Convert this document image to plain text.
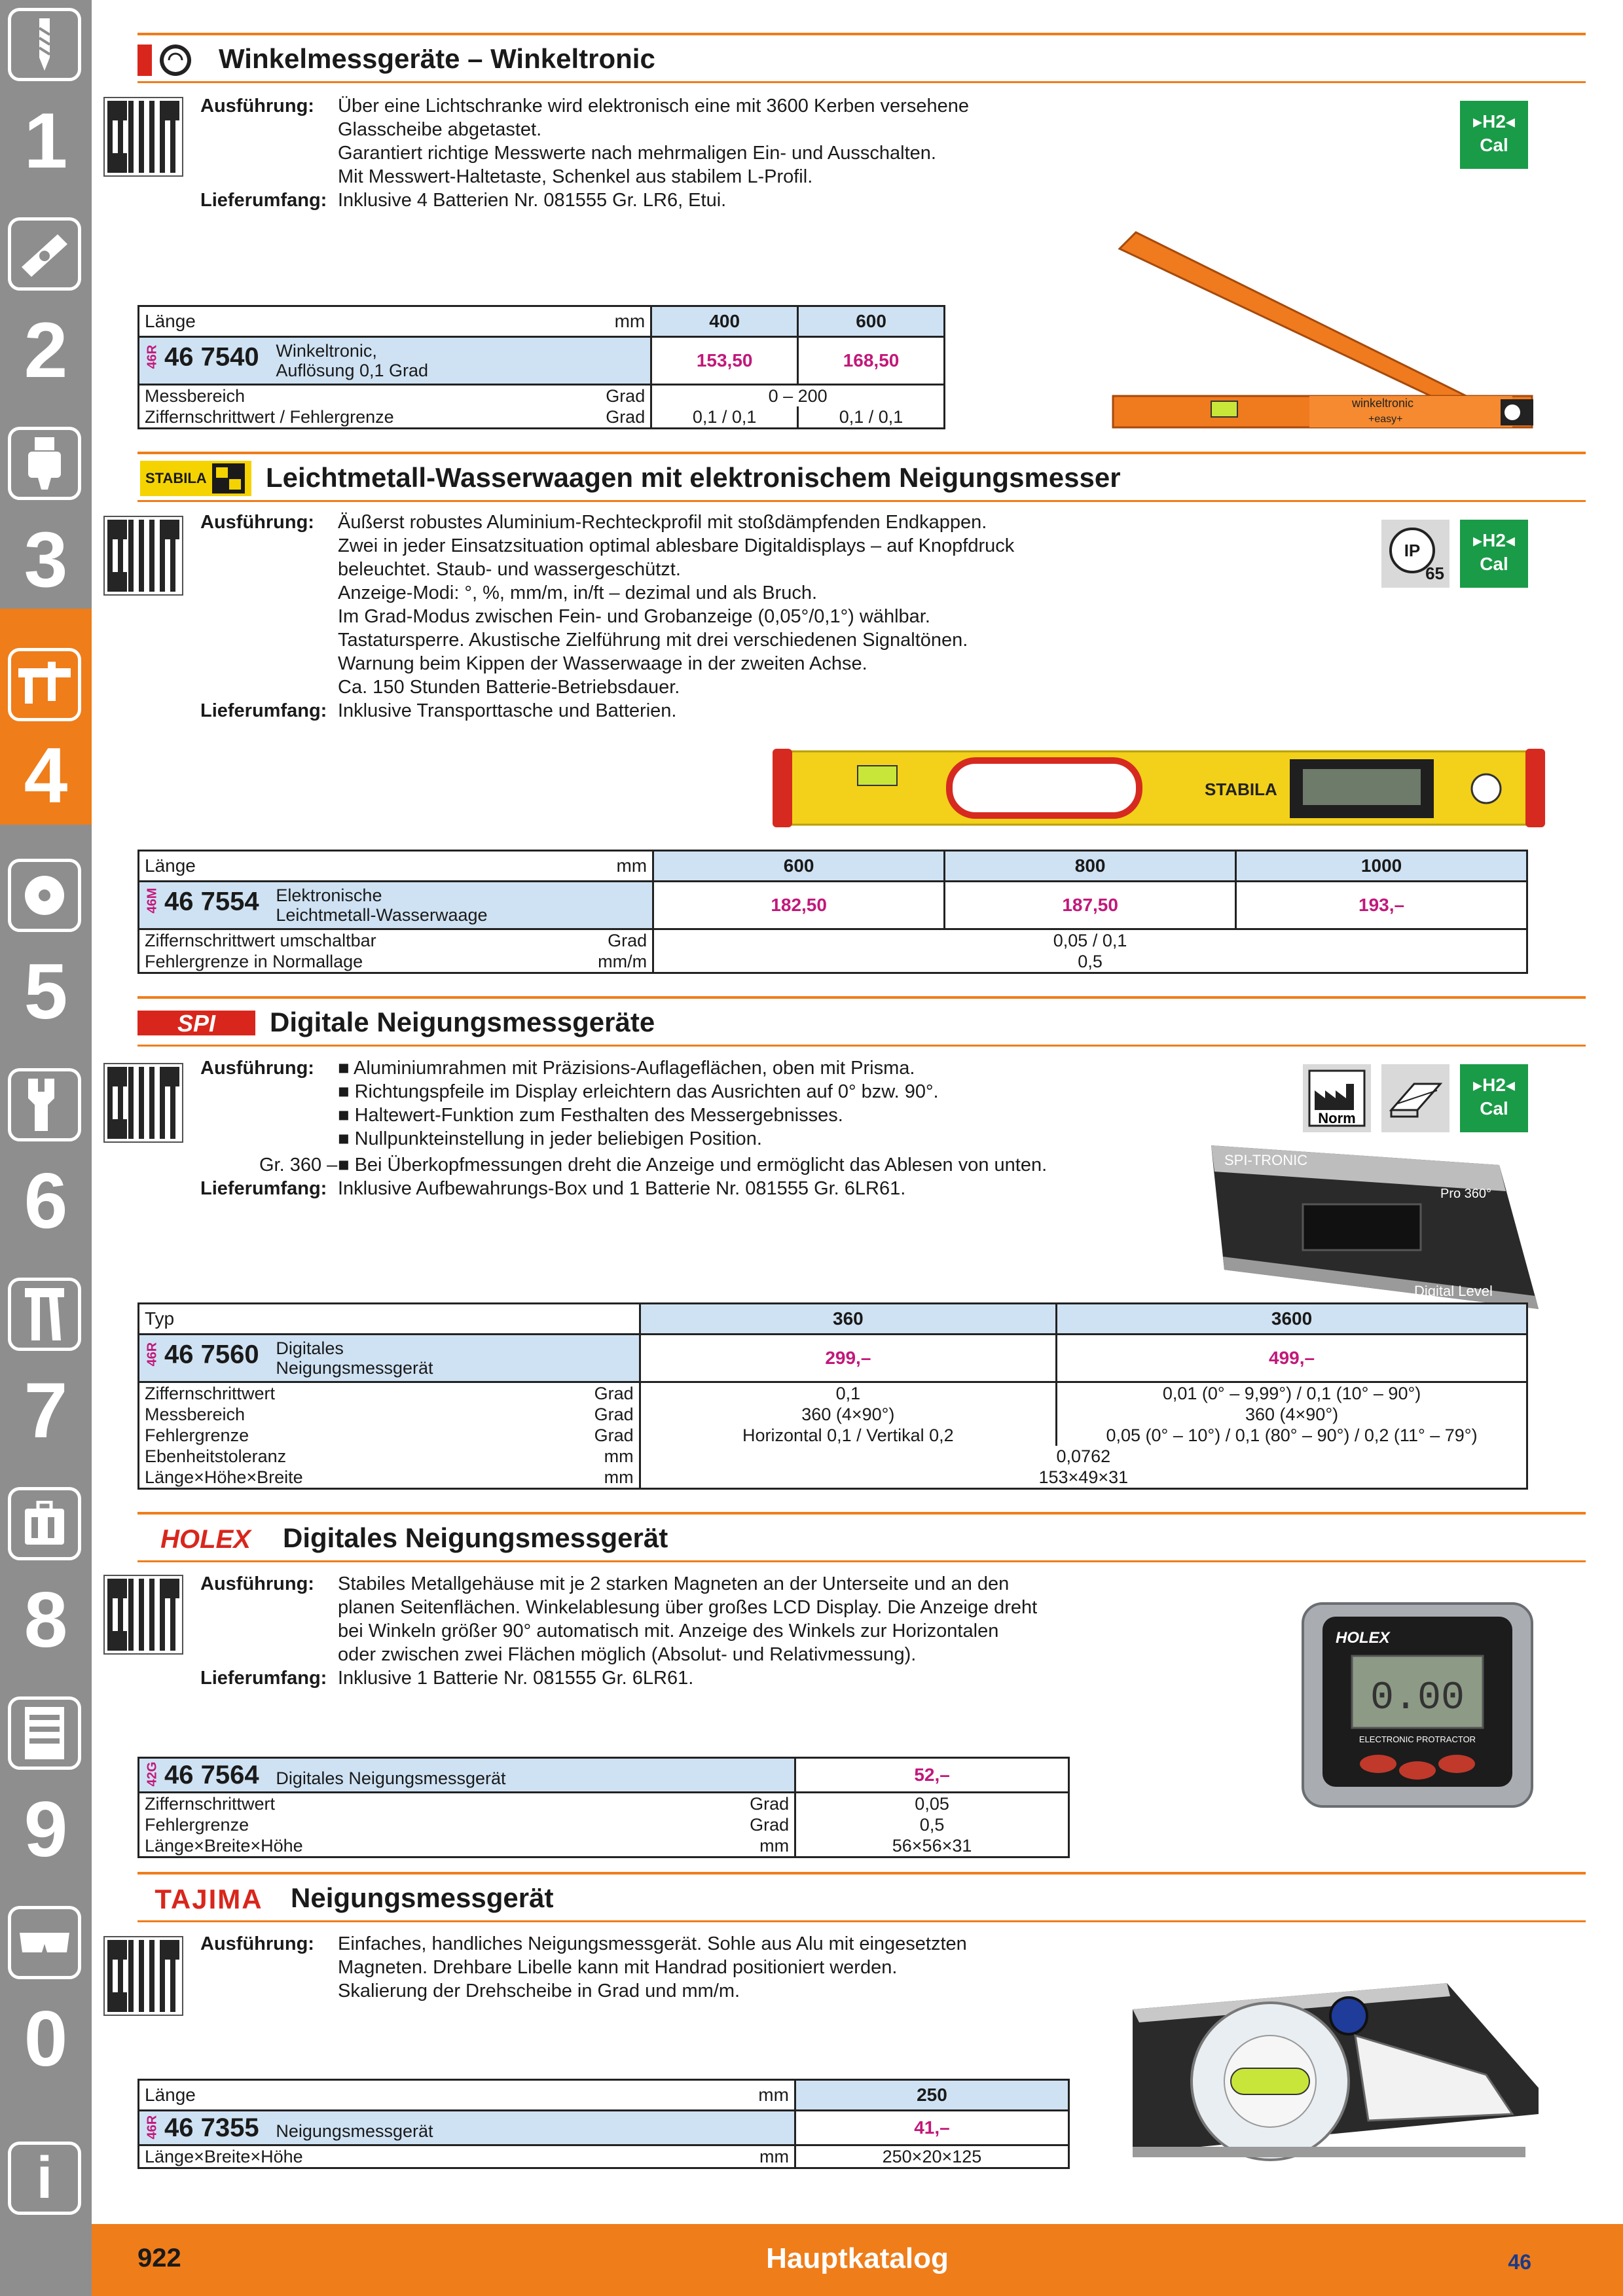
1
2
3
4
5
6
7
8
9
0
i
922	Hauptkatalog	46
Winkelmessgeräte – Winkeltronic
Ausführung: Über eine Lichtschranke wird elektronisch eine mit 3600 Kerben versehene
Glasscheibe abgetastet.
Garantiert richtige Messwerte nach mehrmaligen Ein- und Ausschalten.
Mit Messwert-Haltetaste, Schenkel aus stabilem L-Profil.
Lieferumfang: Inklusive 4 Batterien Nr. 081555 Gr. LR6, Etui.
▸H2◂
Cal
Länge mm	400	600
46R 46 7540 Winkeltronic,
Auflösung 0,1 Grad	153,50	168,50
Messbereich Grad	0 – 200	
Ziffernschrittwert / Fehlergrenze Grad	0,1 / 0,1	0,1 / 0,1
winkeltronic
+easy+
STABILA Leichtmetall-Wasserwaagen mit elektronischem Neigungsmesser
Ausführung: Äußerst robustes Aluminium-Rechteckprofil mit stoßdämpfenden Endkappen.
Zwei in jeder Einsatzsituation optimal ablesbare Digitaldisplays – auf Knopfdruck
beleuchtet. Staub- und wassergeschützt.
Anzeige-Modi: °, %, mm/m, in/ft – dezimal und als Bruch.
Im Grad-Modus zwischen Fein- und Grobanzeige (0,05°/0,1°) wählbar.
Tastatursperre. Akustische Zielführung mit drei verschiedenen Signaltönen.
Warnung beim Kippen der Wasserwaage in der zweiten Achse.
Ca. 150 Stunden Batterie-Betriebsdauer.
Lieferumfang: Inklusive Transporttasche und Batterien.
IP
65
▸H2◂
Cal
STABILA
Länge mm	600	800	1000
46M 46 7554 Elektronische
Leichtmetall-Wasserwaage	182,50	187,50	193,–
Ziffernschrittwert umschaltbar Grad	0,05 / 0,1		
Fehlergrenze in Normallage mm/m	0,5		
SPI Digitale Neigungsmessgeräte
Ausführung: ■ Aluminiumrahmen mit Präzisions-Auflageflächen, oben mit Prisma.
■ Richtungspfeile im Display erleichtern das Ausrichten auf 0° bzw. 90°.
■ Haltewert-Funktion zum Festhalten des Messergebnisses.
■ Nullpunkteinstellung in jeder beliebigen Position.
Gr. 360 – ■ Bei Überkopfmessungen dreht die Anzeige und ermöglicht das Ablesen von unten.
Lieferumfang: Inklusive Aufbewahrungs-Box und 1 Batterie Nr. 081555 Gr. 6LR61.
Norm
▸H2◂
Cal
SPI-TRONIC
Pro 360°
Digital Level
Typ	360	3600
46R 46 7560 Digitales
Neigungsmessgerät	299,–	499,–
Ziffernschrittwert Grad	0,1	0,01 (0° – 9,99°) / 0,1 (10° – 90°)
Messbereich Grad	360 (4×90°)	360 (4×90°)
Fehlergrenze Grad	Horizontal 0,1 / Vertikal 0,2	0,05 (0° – 10°) / 0,1 (80° – 90°) / 0,2 (11° – 79°)
Ebenheitstoleranz mm	0,0762	
Länge×Höhe×Breite mm	153×49×31	
HOLEX Digitales Neigungsmessgerät
Ausführung: Stabiles Metallgehäuse mit je 2 starken Magneten an der Unterseite und an den
planen Seitenflächen. Winkelablesung über großes LCD Display. Die Anzeige dreht
bei Winkeln größer 90° automatisch mit. Anzeige des Winkels zur Horizontalen
oder zwischen zwei Flächen möglich (Absolut- und Relativmessung).
Lieferumfang: Inklusive 1 Batterie Nr. 081555 Gr. 6LR61.
HOLEX
0.00
ELECTRONIC PROTRACTOR
42G 46 7564 Digitales Neigungsmessgerät	52,–
Ziffernschrittwert Grad	0,05
Fehlergrenze Grad	0,5
Länge×Breite×Höhe mm	56×56×31
TAJIMA Neigungsmessgerät
Ausführung: Einfaches, handliches Neigungsmessgerät. Sohle aus Alu mit eingesetzten
Magneten. Drehbare Libelle kann mit Handrad positioniert werden.
Skalierung der Drehscheibe in Grad und mm/m.
Länge mm	250
46R 46 7355 Neigungsmessgerät	41,–
Länge×Breite×Höhe mm	250×20×125
